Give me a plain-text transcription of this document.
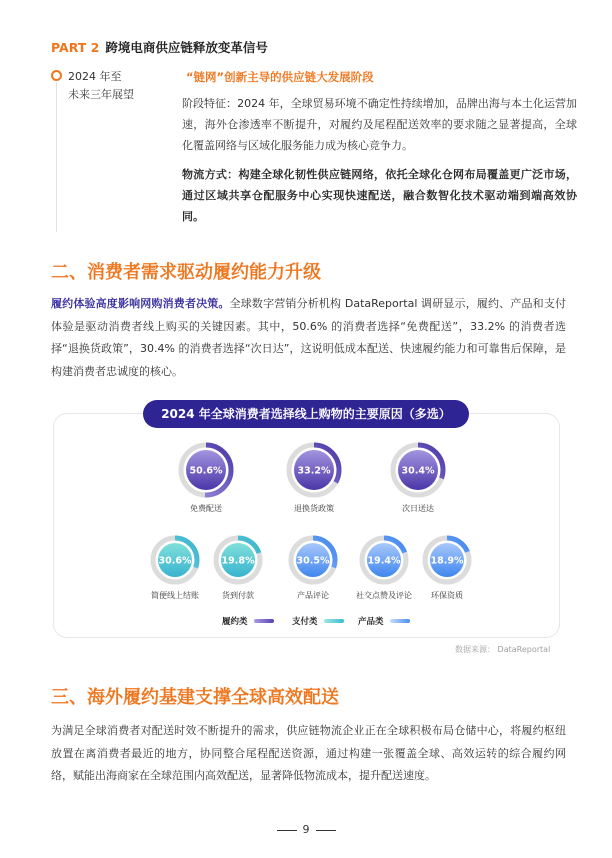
PART 2 跨境电商供应链释放变革信号
2024 年至
未来三年展望
“链网”创新主导的供应链大发展阶段

阶段特征：2024 年，全球贸易环境不确定性持续增加，品牌出海与本土化运营加速，海外仓渗透率不断提升，对履约及尾程配送效率的要求随之显著提高，全球化覆盖网络与区域化服务能力成为核心竞争力。

物流方式：构建全球化韧性供应链网络，依托全球化仓网布局覆盖更广泛市场，通过区域共享仓配服务中心实现快速配送，融合数智化技术驱动端到端高效协同。

二、消费者需求驱动履约能力升级
履约体验高度影响网购消费者决策。全球数字营销分析机构 DataReportal 调研显示，履约、产品和支付体验是驱动消费者线上购买的关键因素。其中，50.6% 的消费者选择“免费配送”，33.2% 的消费者选择“退换货政策”，30.4% 的消费者选择“次日达”，这说明低成本配送、快速履约能力和可靠售后保障，是构建消费者忠诚度的核心。
2024 年全球消费者选择线上购物的主要原因（多选）
50.6%
免费配送
33.2%
退换货政策
30.4%
次日送达
30.6%
简便线上结账
19.8%
货到付款
30.5%
产品评论
19.4%
社交点赞及评论
18.9%
环保资质
履约类	支付类	产品类
数据来源： DataReportal
三、海外履约基建支撑全球高效配送
为满足全球消费者对配送时效不断提升的需求，供应链物流企业正在全球积极布局仓储中心，将履约枢纽放置在离消费者最近的地方，协同整合尾程配送资源，通过构建一张覆盖全球、高效运转的综合履约网络，赋能出海商家在全球范围内高效配送，显著降低物流成本，提升配送速度。
9
